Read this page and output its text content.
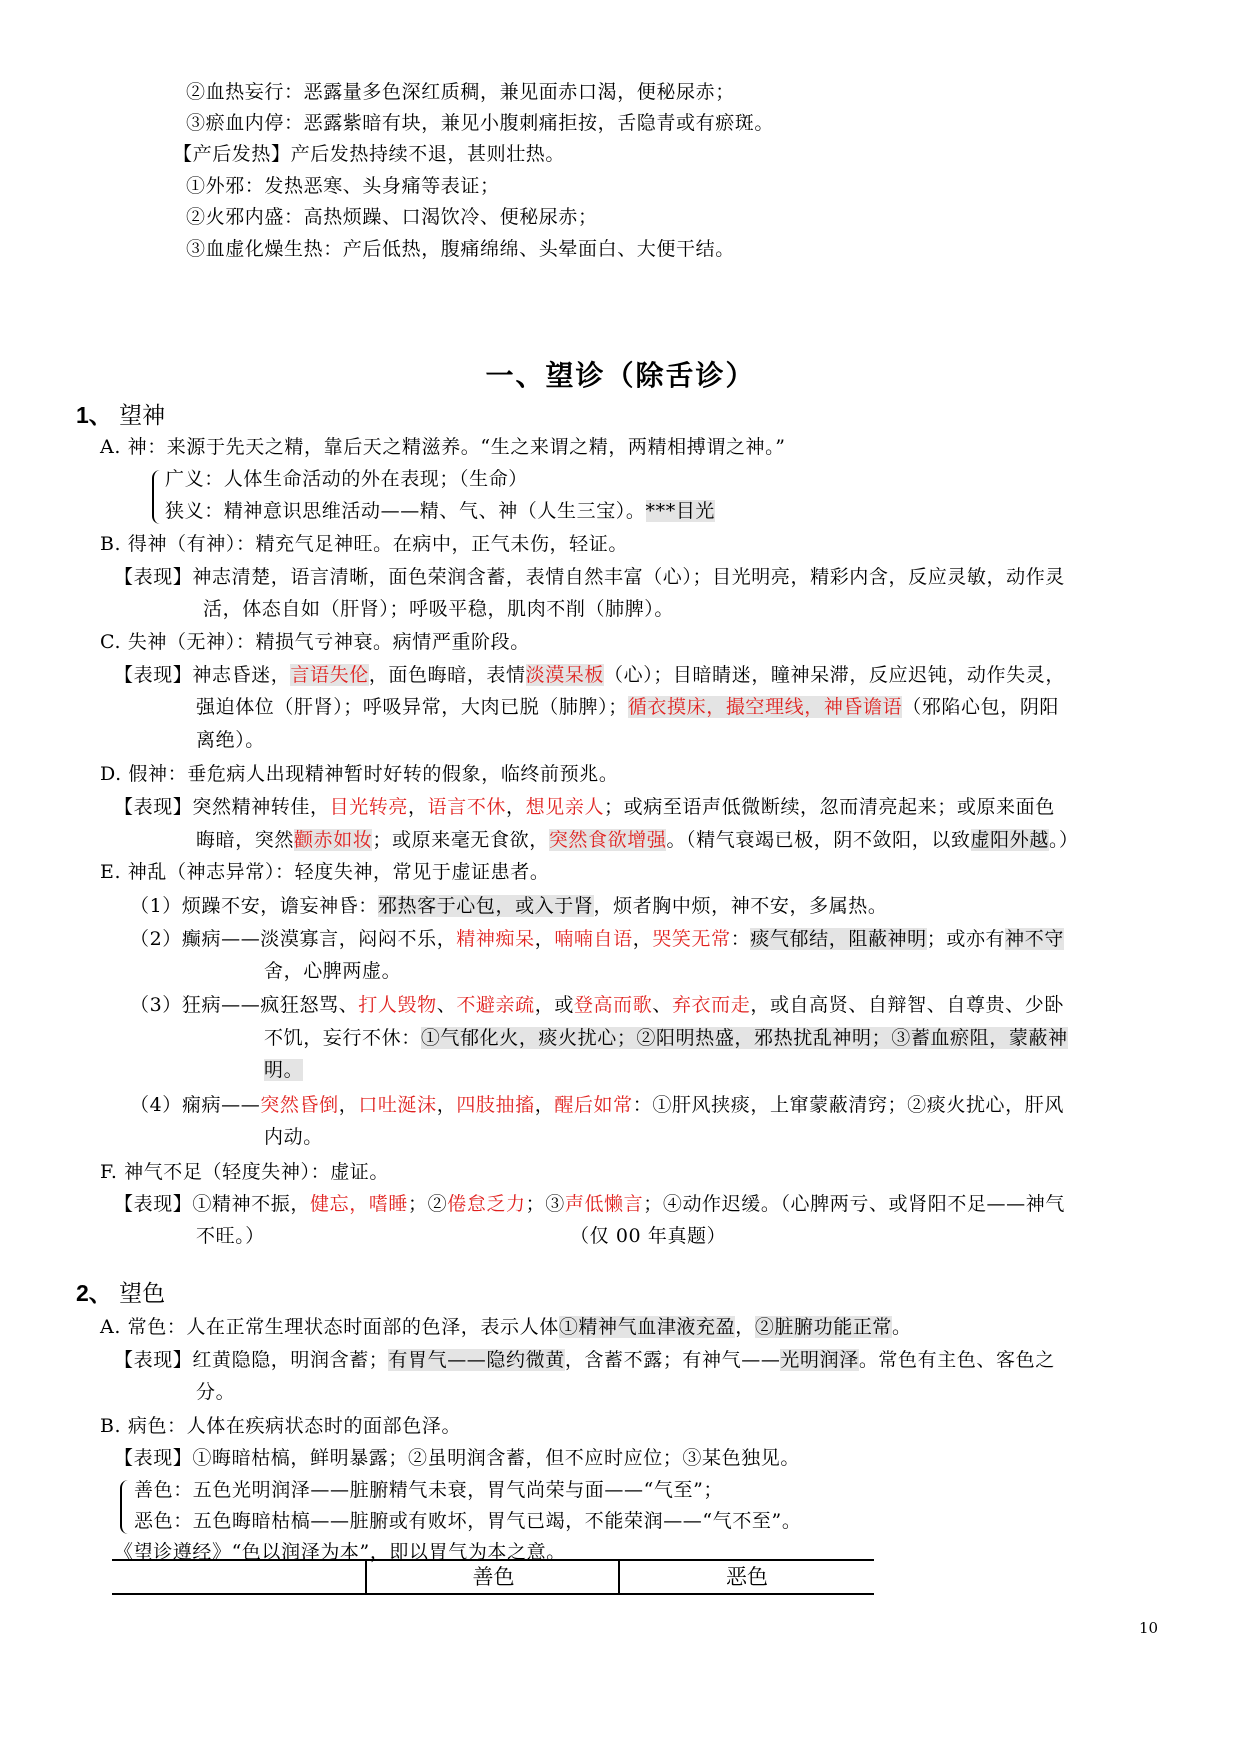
②血热妄行：恶露量多色深红质稠，兼见面赤口渴，便秘尿赤；
③瘀血内停：恶露紫暗有块，兼见小腹刺痛拒按，舌隐青或有瘀斑。
【产后发热】产后发热持续不退，甚则壮热。
①外邪：发热恶寒、头身痛等表证；
②火邪内盛：高热烦躁、口渴饮冷、便秘尿赤；
③血虚化燥生热：产后低热，腹痛绵绵、头晕面白、大便干结。
一、望诊（除舌诊）
1、 望神
A. 神：来源于先天之精，靠后天之精滋养。“生之来谓之精，两精相搏谓之神。”
广义：人体生命活动的外在表现；（生命）
狭义：精神意识思维活动——精、气、神（人生三宝）。***目光
B. 得神（有神）：精充气足神旺。在病中，正气未伤，轻证。
【表现】神志清楚，语言清晰，面色荣润含蓄，表情自然丰富（心）；目光明亮，精彩内含，反应灵敏，动作灵
活，体态自如（肝肾）；呼吸平稳，肌肉不削（肺脾）。
C. 失神（无神）：精损气亏神衰。病情严重阶段。
【表现】神志昏迷，言语失伦，面色晦暗，表情淡漠呆板（心）；目暗睛迷，瞳神呆滞，反应迟钝，动作失灵，
强迫体位（肝肾）；呼吸异常，大肉已脱（肺脾）；循衣摸床，撮空理线，神昏谵语（邪陷心包，阴阳
离绝）。
D. 假神：垂危病人出现精神暂时好转的假象，临终前预兆。
【表现】突然精神转佳，目光转亮，语言不休，想见亲人；或病至语声低微断续，忽而清亮起来；或原来面色
晦暗，突然颧赤如妆；或原来毫无食欲，突然食欲增强。（精气衰竭已极，阴不敛阳，以致虚阳外越。）
E. 神乱（神志异常）：轻度失神，常见于虚证患者。
（1）烦躁不安，谵妄神昏：邪热客于心包，或入于肾，烦者胸中烦，神不安，多属热。
（2）癫病——淡漠寡言，闷闷不乐，精神痴呆，喃喃自语，哭笑无常：痰气郁结，阻蔽神明；或亦有神不守
舍，心脾两虚。
（3）狂病——疯狂怒骂、打人毁物、不避亲疏，或登高而歌、弃衣而走，或自高贤、自辩智、自尊贵、少卧
不饥，妄行不休：①气郁化火，痰火扰心；②阳明热盛，邪热扰乱神明；③蓄血瘀阻，蒙蔽神
明。
（4）痫病——突然昏倒，口吐涎沫，四肢抽搐，醒后如常：①肝风挟痰，上窜蒙蔽清窍；②痰火扰心，肝风
内动。
F. 神气不足（轻度失神）：虚证。
【表现】①精神不振，健忘，嗜睡；②倦怠乏力；③声低懒言；④动作迟缓。（心脾两亏、或肾阳不足——神气
不旺。）	（仅 00 年真题）
2、 望色
A. 常色：人在正常生理状态时面部的色泽，表示人体①精神气血津液充盈，②脏腑功能正常。
【表现】红黄隐隐，明润含蓄；有胃气——隐约微黄，含蓄不露；有神气——光明润泽。常色有主色、客色之
分。
B. 病色：人体在疾病状态时的面部色泽。
【表现】①晦暗枯槁，鲜明暴露；②虽明润含蓄，但不应时应位；③某色独见。
善色：五色光明润泽——脏腑精气未衰，胃气尚荣与面——“气至”；
恶色：五色晦暗枯槁——脏腑或有败坏，胃气已竭，不能荣润——“气不至”。
《望诊遵经》“色以润泽为本”，即以胃气为本之意。
善色	恶色
10
